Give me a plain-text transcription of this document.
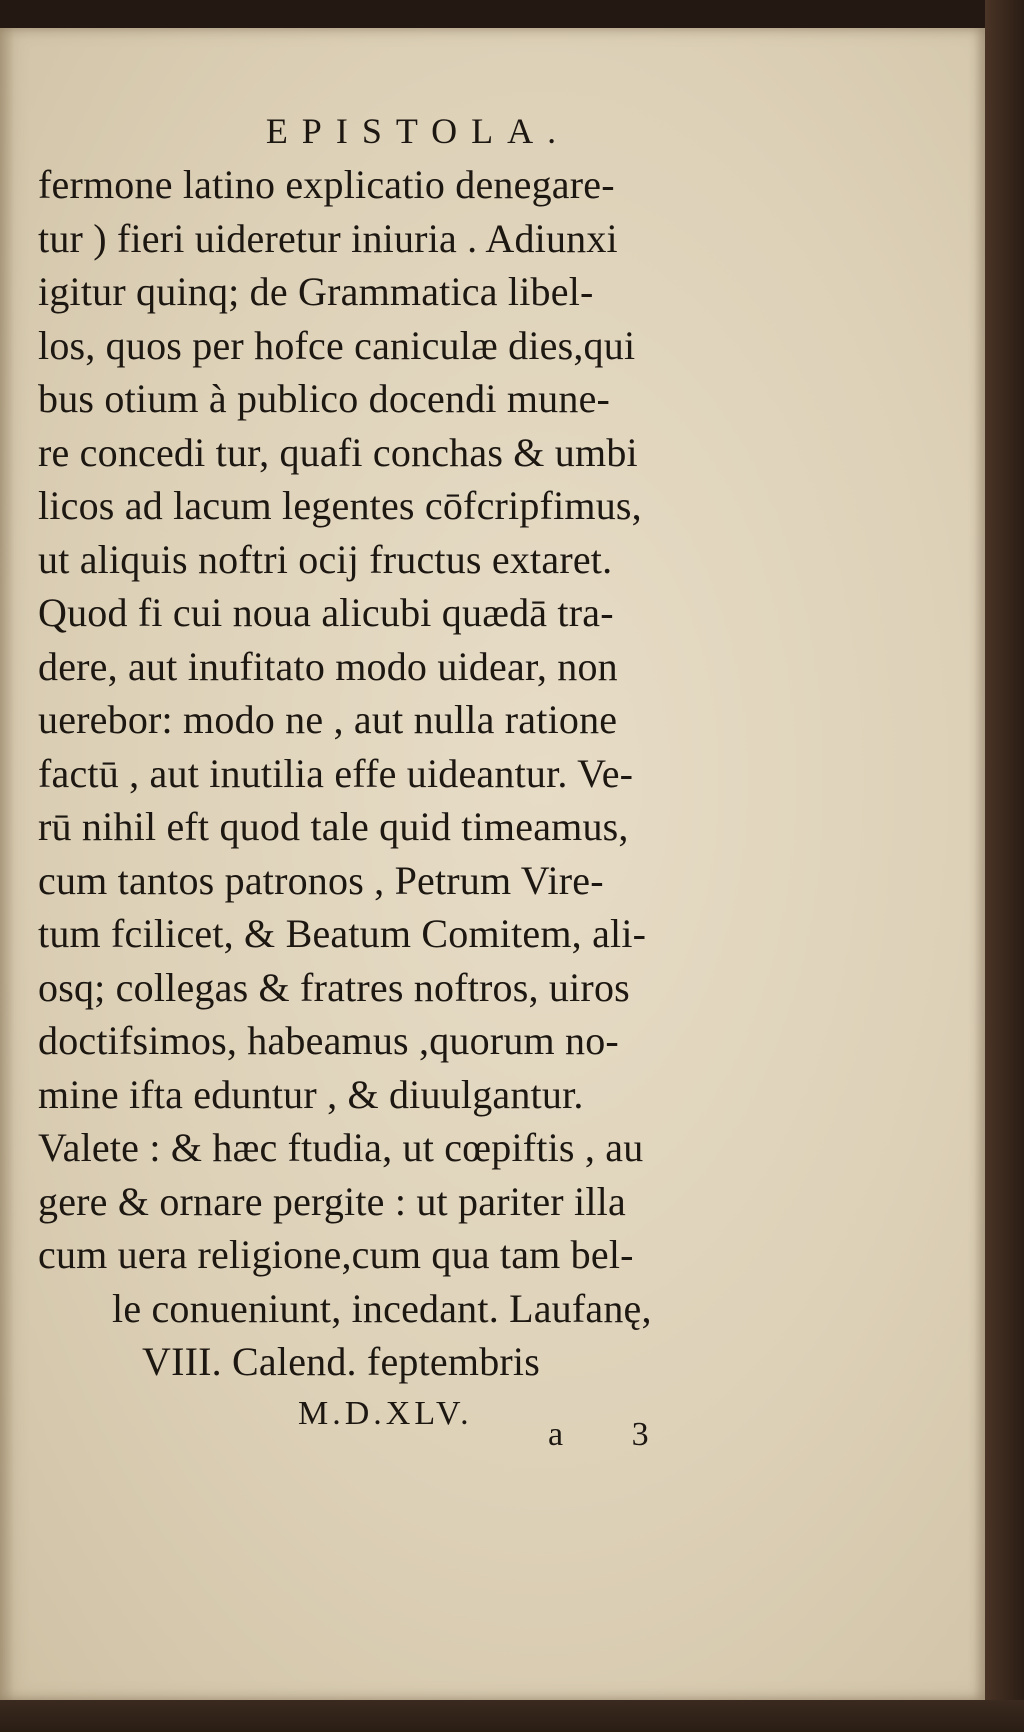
EPISTOLA.
fermone latino explicatio denegare-
tur ) fieri uideretur iniuria . Adiunxi
igitur quinq; de Grammatica libel-
los, quos per hofce caniculæ dies,qui
bus otium à publico docendi mune-
re concedi tur, quafi conchas & umbi
licos ad lacum legentes cōfcripfimus,
ut aliquis noftri ocij fructus extaret.
Quod fi cui noua alicubi quædā tra-
dere, aut inufitato modo uidear, non
uerebor: modo ne , aut nulla ratione
factū , aut inutilia effe uideantur. Ve-
rū nihil eft quod tale quid timeamus,
cum tantos patronos , Petrum Vire-
tum fcilicet, & Beatum Comitem, ali-
osq; collegas & fratres noftros, uiros
doctifsimos, habeamus ,quorum no-
mine ifta eduntur , & diuulgantur.
Valete : & hæc ftudia, ut cœpiftis , au
gere & ornare pergite : ut pariter illa
cum uera religione,cum qua tam bel-
le conueniunt, incedant. Laufanę,
VIII. Calend. feptembris
M.D.XLV.
a 3
